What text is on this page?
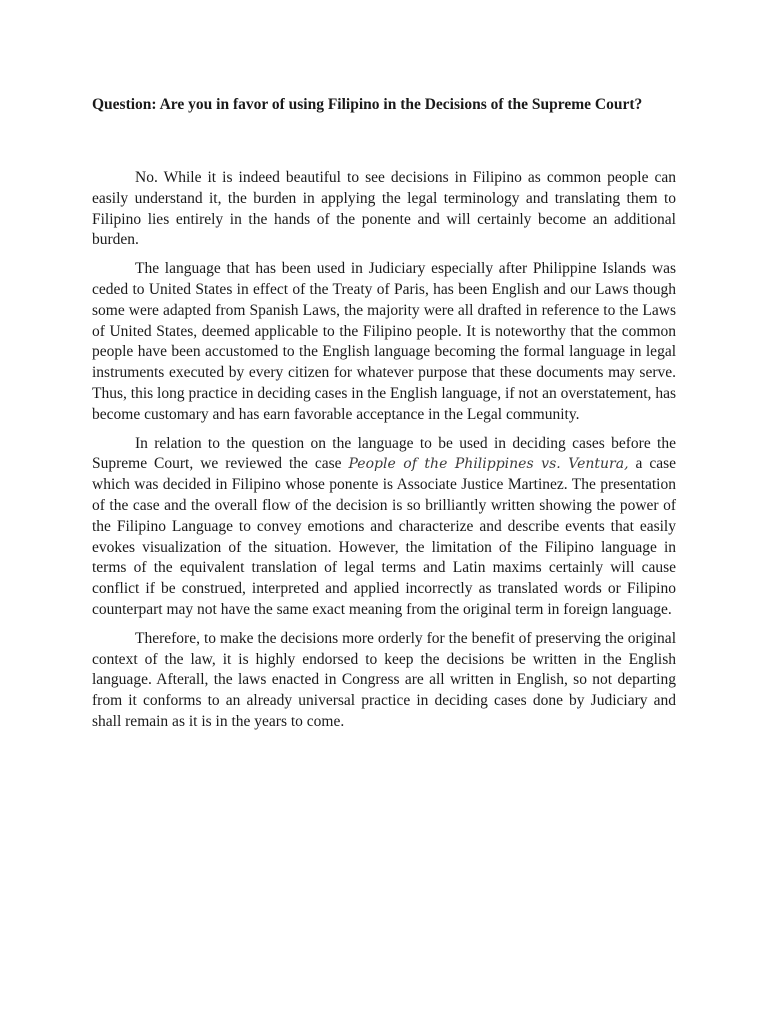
Question: Are you in favor of using Filipino in the Decisions of the Supreme Court?

No. While it is indeed beautiful to see decisions in Filipino as common people can easily understand it, the burden in applying the legal terminology and translating them to Filipino lies entirely in the hands of the ponente and will certainly become an additional burden.

The language that has been used in Judiciary especially after Philippine Islands was ceded to United States in effect of the Treaty of Paris, has been English and our Laws though some were adapted from Spanish Laws, the majority were all drafted in reference to the Laws of United States, deemed applicable to the Filipino people. It is noteworthy that the common people have been accustomed to the English language becoming the formal language in legal instruments executed by every citizen for whatever purpose that these documents may serve. Thus, this long practice in deciding cases in the English language, if not an overstatement, has become customary and has earn favorable acceptance in the Legal community.

In relation to the question on the language to be used in deciding cases before the Supreme Court, we reviewed the case People of the Philippines vs. Ventura, a case which was decided in Filipino whose ponente is Associate Justice Martinez. The presentation of the case and the overall flow of the decision is so brilliantly written showing the power of the Filipino Language to convey emotions and characterize and describe events that easily evokes visualization of the situation. However, the limitation of the Filipino language in terms of the equivalent translation of legal terms and Latin maxims certainly will cause conflict if be construed, interpreted and applied incorrectly as translated words or Filipino counterpart may not have the same exact meaning from the original term in foreign language.

Therefore, to make the decisions more orderly for the benefit of preserving the original context of the law, it is highly endorsed to keep the decisions be written in the English language. Afterall, the laws enacted in Congress are all written in English, so not departing from it conforms to an already universal practice in deciding cases done by Judiciary and shall remain as it is in the years to come.
